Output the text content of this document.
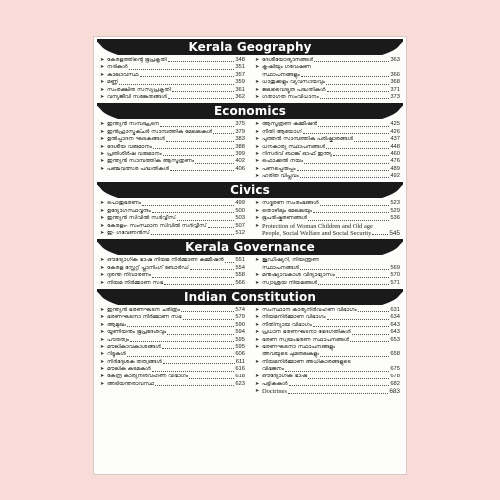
Kerala Geography
➤ കേരളത്തിന്റെ ഭൂപ്രകൃതി	348
➤ നദികൾ	351
➤ കാലാവസ്ഥ	357
➤ മണ്ണ്	359
➤ സംരക്ഷിത സസ്യപ്രകൃതി	361
➤ വന്യജീവി സങ്കേതങ്ങൾ	362
➤ ദേശീയോദ്യാനങ്ങൾ	363
➤ കൃഷിയും ഗവേഷണ
സ്ഥാപനങ്ങളും	366
➤ ധാതുക്കളും വ്യവസായവും	368
➤ ജലവൈദ്യുത പദ്ധതികൾ	371
➤ ഗതാഗത സംവിധാനം	373
Economics
➤ ഇന്ത്യൻ സമ്പദ്ഘടന	375
➤ ഇൻഫ്രാസ്ട്രക്ചർ സാമ്പത്തിക മേഖലകൾ	379
➤ ഉൽപ്പാദന ഘടകങ്ങൾ	383
➤ ദേശീയ വരുമാനം	388
➤ പ്രതിശീർഷ വരുമാനം	399
➤ ഇന്ത്യൻ സാമ്പത്തിക ആസൂത്രണം	402
➤ പഞ്ചവത്സര പദ്ധതികൾ	406
➤ ആസൂത്രണ കമ്മീഷൻ	425
➤ നീതി ആയോഗ്	426
➤ പുത്തൻ സാമ്പത്തിക പരിഷ്കാരങ്ങൾ	437
➤ ധനകാര്യ സ്ഥാപനങ്ങൾ	448
➤ റിസർവ് ബാങ്ക് ഓഫ് ഇന്ത്യ	460
➤ ഫൊക്കൽ നയം	476
➤ പണപ്പെരുപ്പം	489
➤ ഹരിത വിപ്ലവം	492
Civics
➤ പൊതുഭരണം	499
➤ ഉദ്യോഗസ്ഥവൃന്ദം	500
➤ ഇന്ത്യൻ സിവിൽ സർവ്വീസ്	503
➤ കേരളം- സംസ്ഥാന സിവിൽ സർവ്വീസ്	507
➤ ഇ- ഗവേണൻസ്	512
➤ സദ്ഭരണ സംരംഭങ്ങൾ	523
➤ തൊഴിലും മേഖലയും	529
➤ ഭൂപരിഷ്കരണങ്ങൾ	536
➤ Protection of Woman Children and Old age
People, Social Welfare and Social Security	545
Kerala Governance
➤ ഔദ്യോഗിക ഭാഷ നിയമ നിർമ്മാണ കമ്മീഷൻ 551
➤ കേരള സ്റ്റേറ്റ് പ്ലാനിംഗ് ബോർഡ്	554
➤ ദുരന്ത നിവാരണം	558
➤ നിയമ നിർമ്മാണ സഭ	566
➤ ജുഡീഷ്യറി, നിയന്ത്രണ
സ്ഥാപനങ്ങൾ	569
➤ മനുഷ്യാവകാശ വിദ്യാഭ്യാസം	570
➤ സ്വാശ്രയ നിയമങ്ങൾ	571
Indian Constitution
➤ ഇന്ത്യൻ ഭരണഘടന ചരിത്രം	574
➤ ഭരണഘടനാ നിർമ്മാണ സഭ	579
➤ ആമുഖം	590
➤ യൂണിയനും ഭൂപ്രദേശവും	594
➤ പൗരത്വം	595
➤ മൗലികാവകാശങ്ങൾ	595
➤ റിട്ടുകൾ	606
➤ നിർദ്ദേശക തത്വങ്ങൾ	611
➤ മൗലിക കടമകൾ	616
➤ കേന്ദ്ര കാര്യനിർവഹണ വിഭാഗം	618
➤ അടിയന്തരാവസ്ഥ	623
➤ സംസ്ഥാന കാര്യനിർവഹണ വിഭാഗം	631
➤ നിയമനിർമ്മാണ വിഭാഗം	634
➤ നീതിന്യായ വിഭാഗം	643
➤ പ്രധാന ഭരണഘടനാ ഭേദഗതികൾ	643
➤ ഭരണ സ്വയംഭരണ സ്ഥാപനങ്ങൾ	653
➤ ഭരണഘടനാ സ്ഥാപനങ്ങളും
അവയുടെ ചുമതലകളും	658
➤ നിയമനിർമ്മാണ അധികാരങ്ങളുടെ
വിഭജനം	675
➤ ഔദ്യോഗിക ഭാഷ	678
➤ പട്ടികകൾ	682
➤ Doctrines	683
